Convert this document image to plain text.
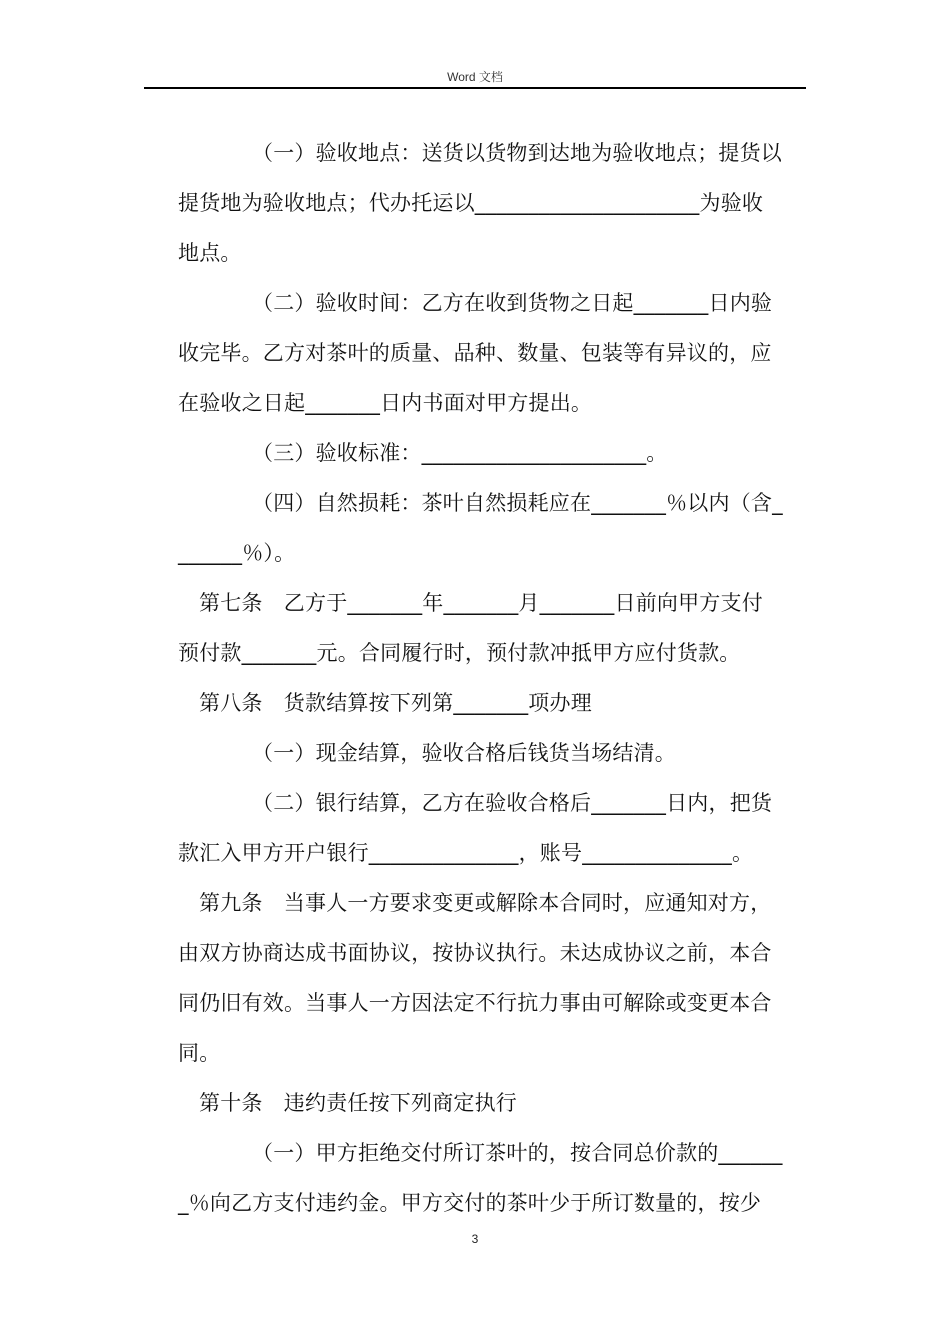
Word 文档
（一）验收地点：送货以货物到达地为验收地点；提货以
提货地为验收地点；代办托运以_____________________为验收
地点。
（二）验收时间：乙方在收到货物之日起_______日内验
收完毕。乙方对茶叶的质量、品种、数量、包装等有异议的，应
在验收之日起_______日内书面对甲方提出。
（三）验收标准：_____________________。
（四）自然损耗：茶叶自然损耗应在_______％以内（含_
______％）。
第七条　乙方于_______年_______月_______日前向甲方支付
预付款_______元。合同履行时，预付款冲抵甲方应付货款。
第八条　货款结算按下列第_______项办理
（一）现金结算，验收合格后钱货当场结清。
（二）银行结算，乙方在验收合格后_______日内，把货
款汇入甲方开户银行______________，账号______________。
第九条　当事人一方要求变更或解除本合同时，应通知对方，
由双方协商达成书面协议，按协议执行。未达成协议之前，本合
同仍旧有效。当事人一方因法定不行抗力事由可解除或变更本合
同。
第十条　违约责任按下列商定执行
（一）甲方拒绝交付所订茶叶的，按合同总价款的______
_％向乙方支付违约金。甲方交付的茶叶少于所订数量的，按少
3
